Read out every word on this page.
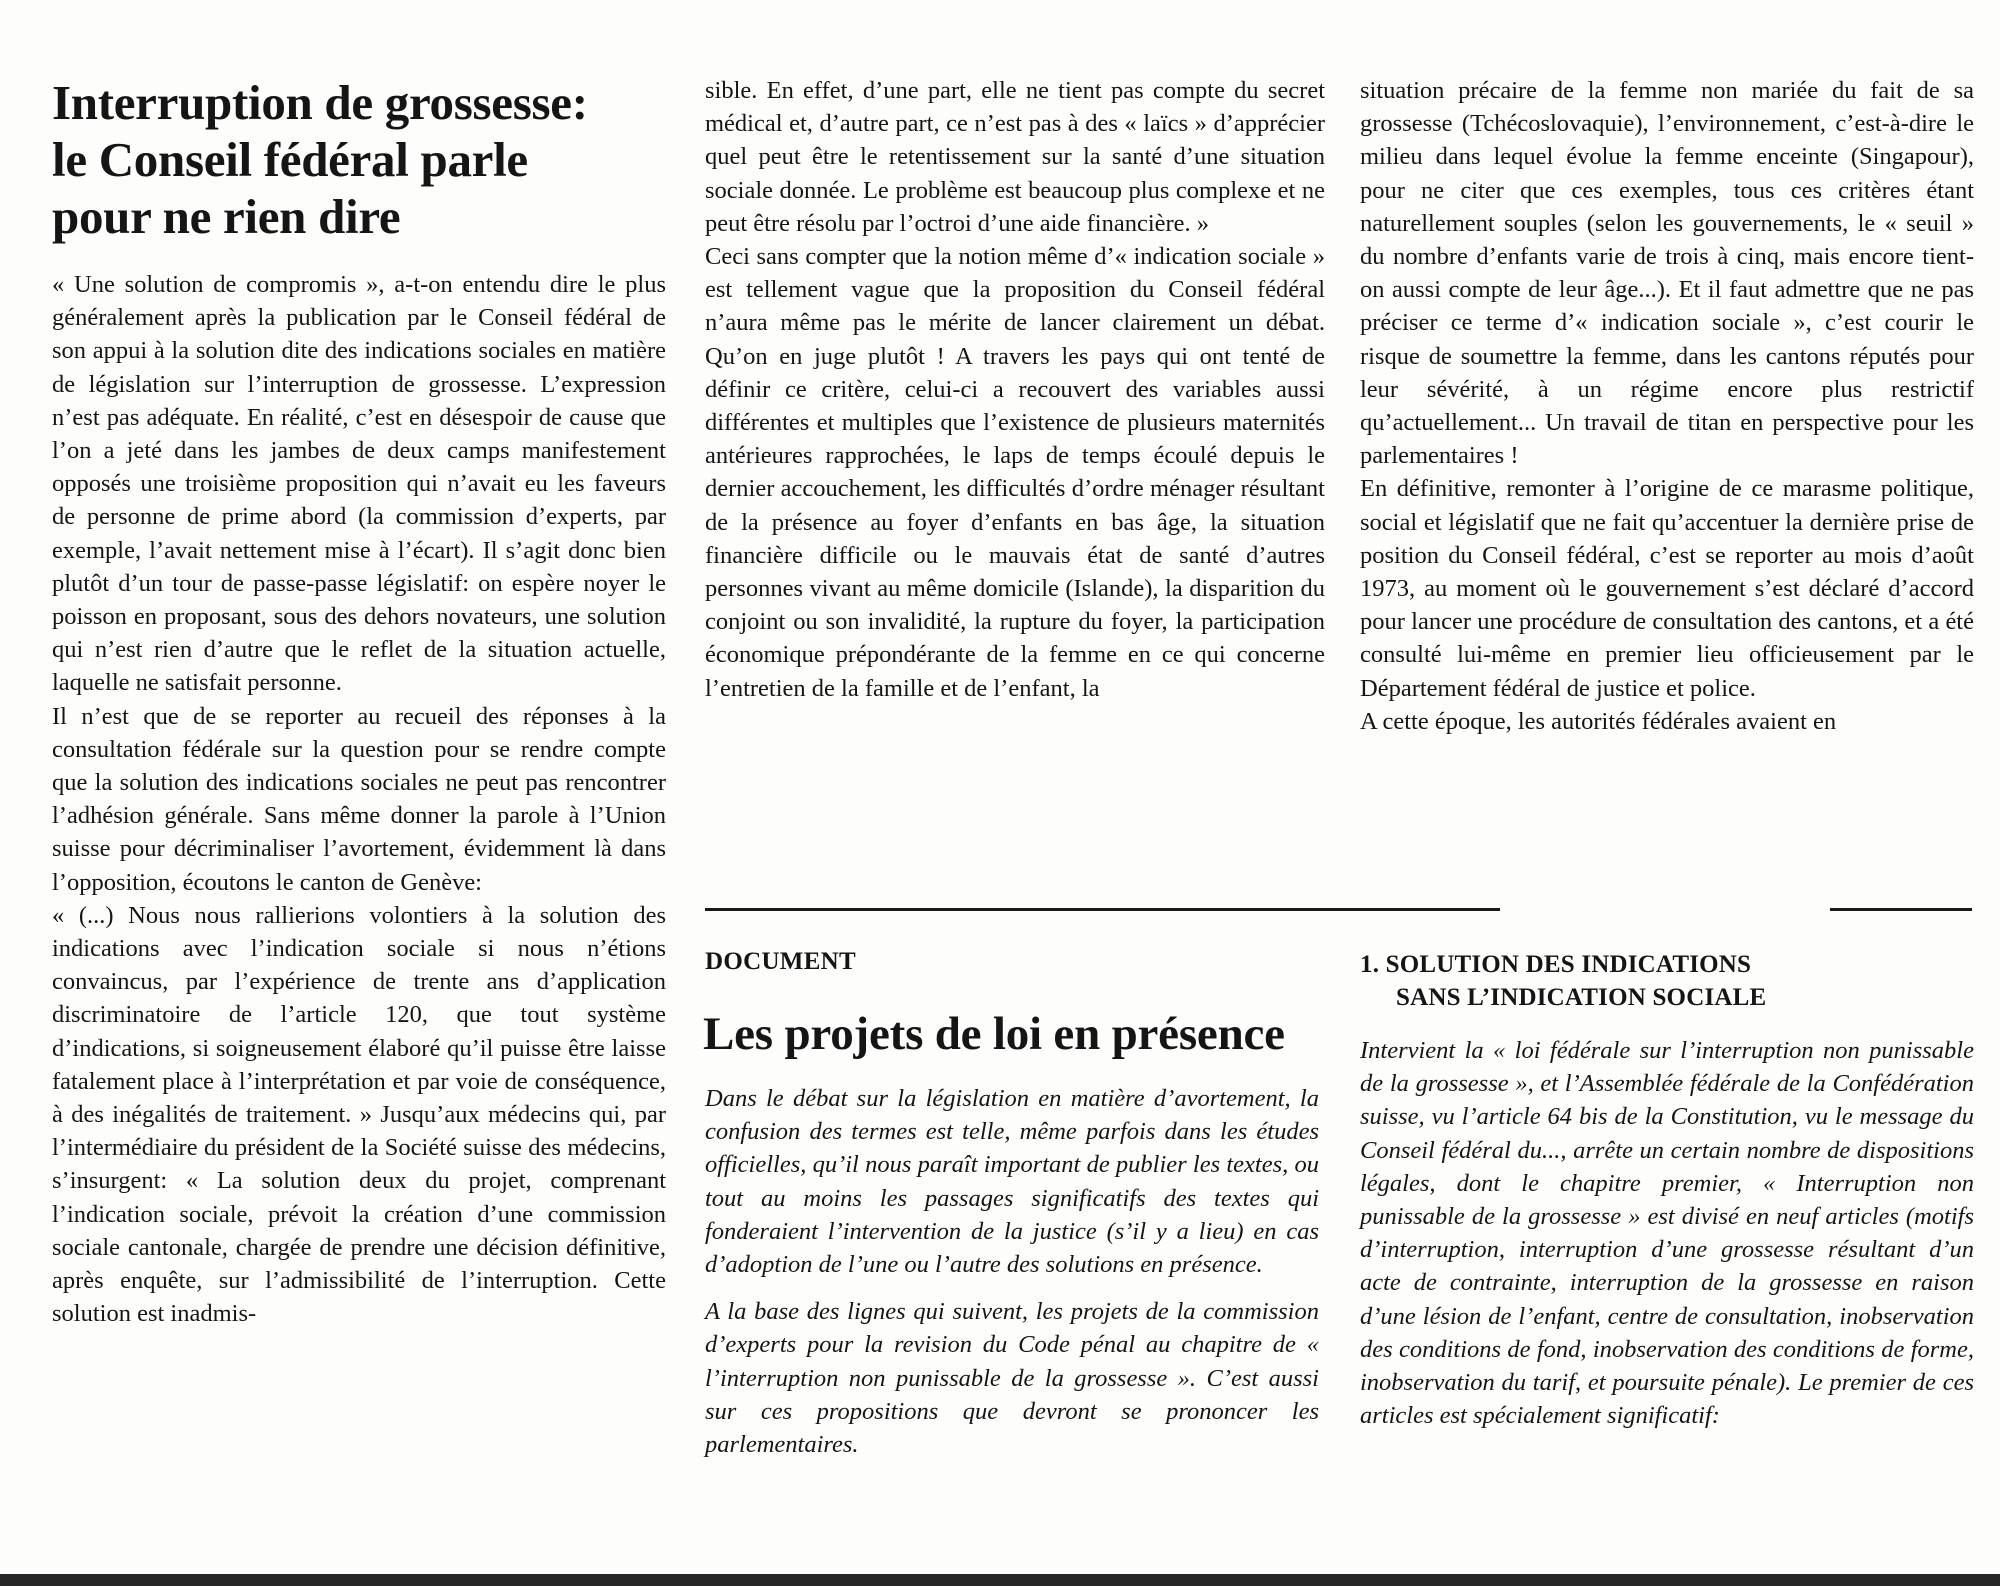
Interruption de grossesse:
le Conseil fédéral parle
pour ne rien dire

« Une solution de compromis », a-t-on entendu dire le plus généralement après la publication par le Conseil fédéral de son appui à la solution dite des indications sociales en matière de législation sur l’interruption de grossesse. L’expression n’est pas adéquate. En réalité, c’est en désespoir de cause que l’on a jeté dans les jambes de deux camps manifestement opposés une troisième proposition qui n’avait eu les faveurs de personne de prime abord (la commission d’experts, par exemple, l’avait nettement mise à l’écart). Il s’agit donc bien plutôt d’un tour de passe-passe législatif: on espère noyer le poisson en proposant, sous des dehors novateurs, une solution qui n’est rien d’autre que le reflet de la situation actuelle, laquelle ne satisfait personne.

Il n’est que de se reporter au recueil des réponses à la consultation fédérale sur la question pour se rendre compte que la solution des indications sociales ne peut pas rencontrer l’adhésion générale. Sans même donner la parole à l’Union suisse pour décriminaliser l’avortement, évidemment là dans l’opposition, écoutons le canton de Genève:

« (...) Nous nous rallierions volontiers à la solution des indications avec l’indication sociale si nous n’étions convaincus, par l’expérience de trente ans d’application discriminatoire de l’article 120, que tout système d’indications, si soigneusement élaboré qu’il puisse être laisse fatalement place à l’interprétation et par voie de conséquence, à des inégalités de traitement. » Jusqu’aux médecins qui, par l’intermédiaire du président de la Société suisse des médecins, s’insurgent: « La solution deux du projet, comprenant l’indication sociale, prévoit la création d’une commission sociale cantonale, chargée de prendre une décision définitive, après enquête, sur l’admissibilité de l’interruption. Cette solution est inadmis-

sible. En effet, d’une part, elle ne tient pas compte du secret médical et, d’autre part, ce n’est pas à des « laïcs » d’apprécier quel peut être le retentissement sur la santé d’une situation sociale donnée. Le problème est beaucoup plus complexe et ne peut être résolu par l’octroi d’une aide financière. »

Ceci sans compter que la notion même d’« indication sociale » est tellement vague que la proposition du Conseil fédéral n’aura même pas le mérite de lancer clairement un débat. Qu’on en juge plutôt ! A travers les pays qui ont tenté de définir ce critère, celui-ci a recouvert des variables aussi différentes et multiples que l’existence de plusieurs maternités antérieures rapprochées, le laps de temps écoulé depuis le dernier accouchement, les difficultés d’ordre ménager résultant de la présence au foyer d’enfants en bas âge, la situation financière difficile ou le mauvais état de santé d’autres personnes vivant au même domicile (Islande), la disparition du conjoint ou son invalidité, la rupture du foyer, la participation économique prépondérante de la femme en ce qui concerne l’entretien de la famille et de l’enfant, la

situation précaire de la femme non mariée du fait de sa grossesse (Tchécoslovaquie), l’environnement, c’est-à-dire le milieu dans lequel évolue la femme enceinte (Singapour), pour ne citer que ces exemples, tous ces critères étant naturellement souples (selon les gouvernements, le « seuil » du nombre d’enfants varie de trois à cinq, mais encore tient-on aussi compte de leur âge...). Et il faut admettre que ne pas préciser ce terme d’« indication sociale », c’est courir le risque de soumettre la femme, dans les cantons réputés pour leur sévérité, à un régime encore plus restrictif qu’actuellement... Un travail de titan en perspective pour les parlementaires !

En définitive, remonter à l’origine de ce marasme politique, social et législatif que ne fait qu’accentuer la dernière prise de position du Conseil fédéral, c’est se reporter au mois d’août 1973, au moment où le gouvernement s’est déclaré d’accord pour lancer une procédure de consultation des cantons, et a été consulté lui-même en premier lieu officieusement par le Département fédéral de justice et police.

A cette époque, les autorités fédérales avaient en

DOCUMENT
Les projets de loi en présence

Dans le débat sur la législation en matière d’avortement, la confusion des termes est telle, même parfois dans les études officielles, qu’il nous paraît important de publier les textes, ou tout au moins les passages significatifs des textes qui fonderaient l’intervention de la justice (s’il y a lieu) en cas d’adoption de l’une ou l’autre des solutions en présence.

A la base des lignes qui suivent, les projets de la commission d’experts pour la revision du Code pénal au chapitre de « l’interruption non punissable de la grossesse ». C’est aussi sur ces propositions que devront se prononcer les parlementaires.

1. SOLUTION DES INDICATIONS
SANS L’INDICATION SOCIALE

Intervient la « loi fédérale sur l’interruption non punissable de la grossesse », et l’Assemblée fédérale de la Confédération suisse, vu l’article 64 bis de la Constitution, vu le message du Conseil fédéral du..., arrête un certain nombre de dispositions légales, dont le chapitre premier, « Interruption non punissable de la grossesse » est divisé en neuf articles (motifs d’interruption, interruption d’une grossesse résultant d’un acte de contrainte, interruption de la grossesse en raison d’une lésion de l’enfant, centre de consultation, inobservation des conditions de fond, inobservation des conditions de forme, inobservation du tarif, et poursuite pénale). Le premier de ces articles est spécialement significatif:
